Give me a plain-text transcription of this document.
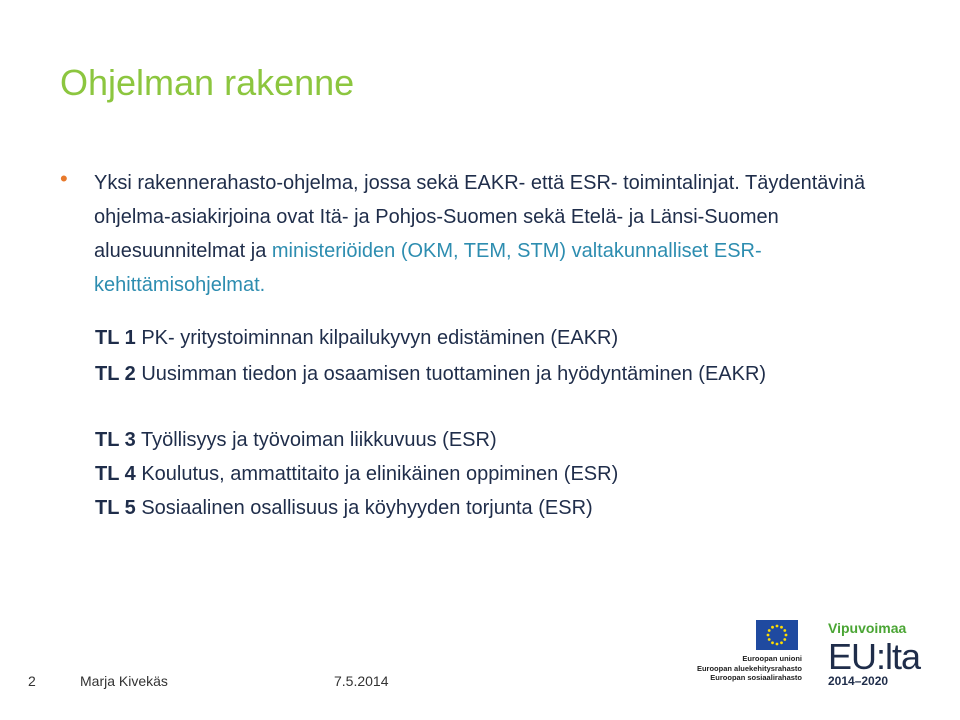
Ohjelman rakenne
• Yksi rakennerahasto-ohjelma, jossa sekä EAKR- että ESR- toimintalinjat. Täydentävinä ohjelma-asiakirjoina ovat Itä- ja Pohjos-Suomen sekä Etelä- ja Länsi-Suomen aluesuunnitelmat ja ministeriöiden (OKM, TEM, STM) valtakunnalliset ESR- kehittämisohjelmat.
TL 1 PK- yritystoiminnan kilpailukyvyn edistäminen (EAKR)
TL 2 Uusimman tiedon ja osaamisen tuottaminen ja hyödyntäminen (EAKR)
TL 3 Työllisyys ja työvoiman liikkuvuus (ESR)
TL 4 Koulutus, ammattitaito ja elinikäinen oppiminen (ESR)
TL 5 Sosiaalinen osallisuus ja köyhyyden torjunta (ESR)
2	Marja Kivekäs	7.5.2014
Euroopan unioni
Euroopan aluekehitysrahasto
Euroopan sosiaalirahasto
Vipuvoimaa
EU:lta
2014–2020
